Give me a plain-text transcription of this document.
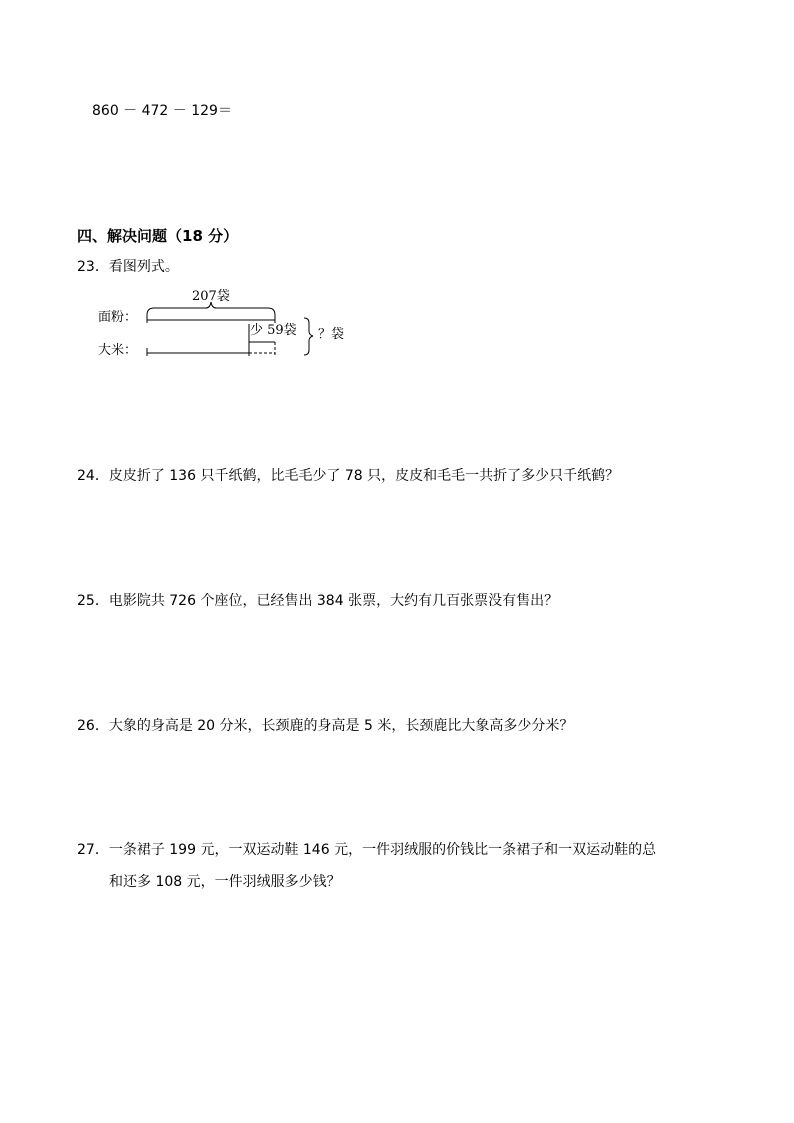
860 － 472 － 129＝
四、解决问题（18 分）
23．看图列式。
207袋
面粉：
大米：
少 59袋 ？袋
24．皮皮折了 136 只千纸鹤，比毛毛少了 78 只，皮皮和毛毛一共折了多少只千纸鹤？
25．电影院共 726 个座位，已经售出 384 张票，大约有几百张票没有售出？
26．大象的身高是 20 分米，长颈鹿的身高是 5 米，长颈鹿比大象高多少分米？
27．一条裙子 199 元，一双运动鞋 146 元，一件羽绒服的价钱比一条裙子和一双运动鞋的总
和还多 108 元，一件羽绒服多少钱？
